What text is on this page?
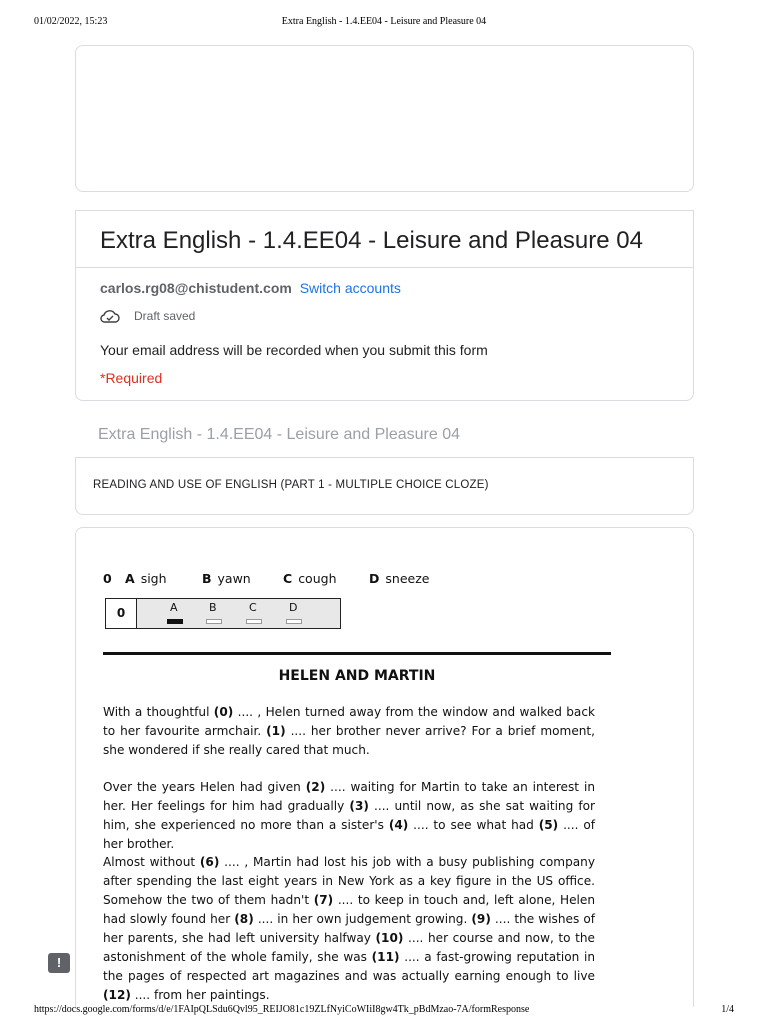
01/02/2022, 15:23	Extra English - 1.4.EE04 - Leisure and Pleasure 04
Extra English - 1.4.EE04 - Leisure and Pleasure 04
carlos.rg08@chistudent.com Switch accounts
Draft saved
Your email address will be recorded when you submit this form
*Required
Extra English - 1.4.EE04 - Leisure and Pleasure 04
READING AND USE OF ENGLISH (PART 1 - MULTIPLE CHOICE CLOZE)
0	A sigh	B yawn	C cough	D sneeze
0	A	B	C	D
HELEN AND MARTIN
With a thoughtful (0) .... , Helen turned away from the window and walked back to her favourite armchair. (1) .... her brother never arrive? For a brief moment, she wondered if she really cared that much.
Over the years Helen had given (2) .... waiting for Martin to take an interest in her. Her feelings for him had gradually (3) .... until now, as she sat waiting for him, she experienced no more than a sister's (4) .... to see what had (5) .... of her brother.
Almost without (6) .... , Martin had lost his job with a busy publishing company after spending the last eight years in New York as a key figure in the US office. Somehow the two of them hadn't (7) .... to keep in touch and, left alone, Helen had slowly found her (8) .... in her own judgement growing. (9) .... the wishes of her parents, she had left university halfway (10) .... her course and now, to the astonishment of the whole family, she was (11) .... a fast-growing reputation in the pages of respected art magazines and was actually earning enough to live (12) .... from her paintings.
!
https://docs.google.com/forms/d/e/1FAIpQLSdu6Qvl95_REIJO81c19ZLfNyiCoWIiI8gw4Tk_pBdMzao-7A/formResponse	1/4
